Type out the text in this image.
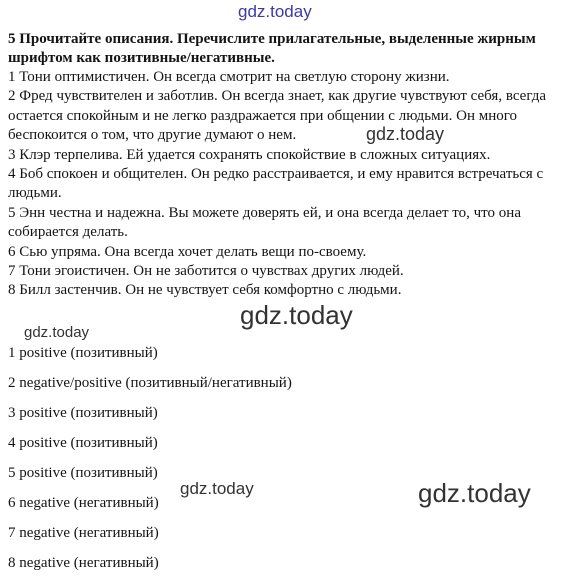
5 Прочитайте описания. Перечислите прилагательные, выделенные жирным шрифтом как позитивные/негативные.

1 Тони оптимистичен. Он всегда смотрит на светлую сторону жизни.

2 Фред чувствителен и заботлив. Он всегда знает, как другие чувствуют себя, всегда остается спокойным и не легко раздражается при общении с людьми. Он много беспокоится о том, что другие думают о нем.

3 Клэр терпелива. Ей удается сохранять спокойствие в сложных ситуациях.

4 Боб спокоен и общителен. Он редко расстраивается, и ему нравится встречаться с людьми.

5 Энн честна и надежна. Вы можете доверять ей, и она всегда делает то, что она собирается делать.

6 Сью упряма. Она всегда хочет делать вещи по-своему.

7 Тони эгоистичен. Он не заботится о чувствах других людей.

8 Билл застенчив. Он не чувствует себя комфортно с людьми.

1 positive (позитивный)

2 negative/positive (позитивный/негативный)

3 positive (позитивный)

4 positive (позитивный)

5 positive (позитивный)

6 negative (негативный)

7 negative (негативный)

8 negative (негативный)

gdz.today
gdz.today
gdz.today
gdz.today
gdz.today	gdz.today
